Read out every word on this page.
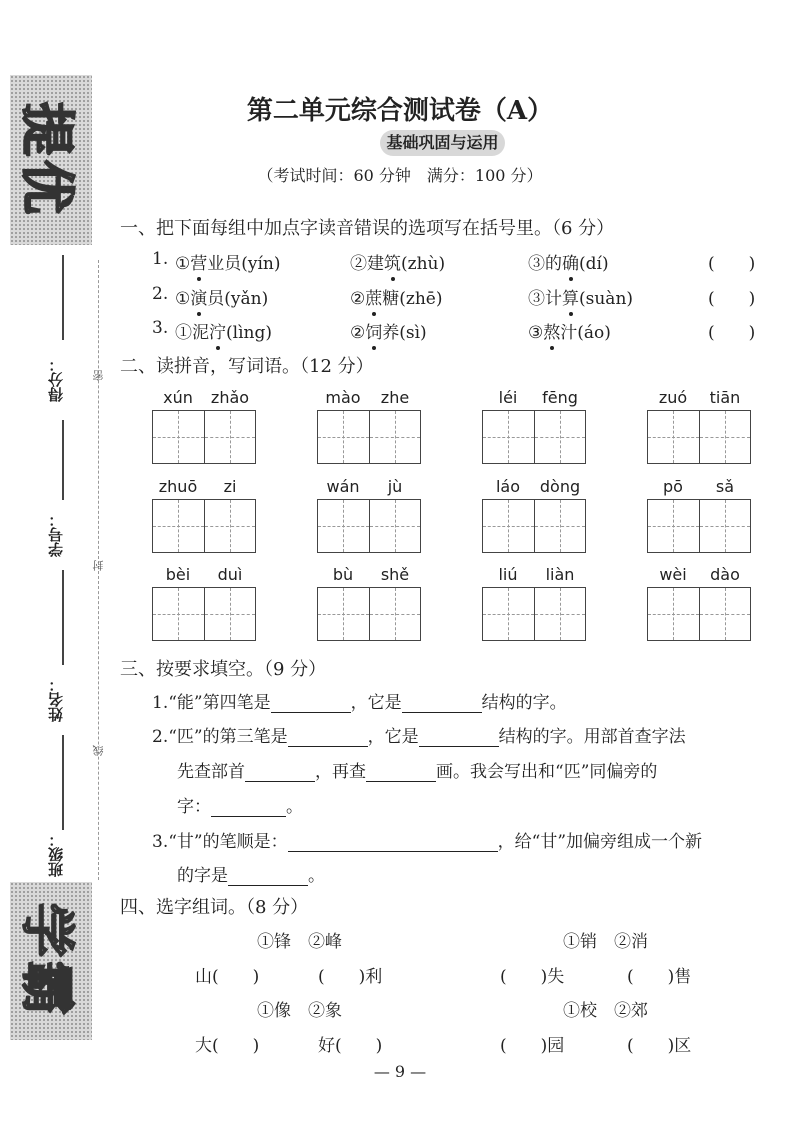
提优
学霸
得分：
学号：
姓名：
班级：
密
封
线
第二单元综合测试卷（A）
基础巩固与运用
（考试时间：60 分钟　满分：100 分）
一、把下面每组中加点字读音错误的选项写在括号里。（6 分）
1. ①营业员(yín)	②建筑(zhù)	③的确(dí)	(　　)
2. ①演员(yǎn)	②蔗糖(zhē)	③计算(suàn)	(　　)
3. ①泥泞(lìng)	②饲养(sì)	③熬汁(áo)	(　　)
二、读拼音，写词语。（12 分）
xún	zhǎo	mào	zhe	léi	fēng	zuó	tiān
zhuō	zi	wán	jù	láo	dòng	pō	sǎ
bèi	duì	bù	shě	liú	liàn	wèi	dào
三、按要求填空。（9 分）
1.“能”第四笔是	，它是	结构的字。
2.“匹”的第三笔是	，它是	结构的字。用部首查字法
先查部首	，再查	画。我会写出和“匹”同偏旁的
字：	。
3.“甘”的笔顺是：	，给“甘”加偏旁组成一个新
的字是	。
四、选字组词。（8 分）
①锋　②峰	①销　②消
山(　　)	(　　)利	(　　)失	(　　)售
①像　②象	①校　②郊
大(　　)	好(　　)	(　　)园	(　　)区
— 9 —
